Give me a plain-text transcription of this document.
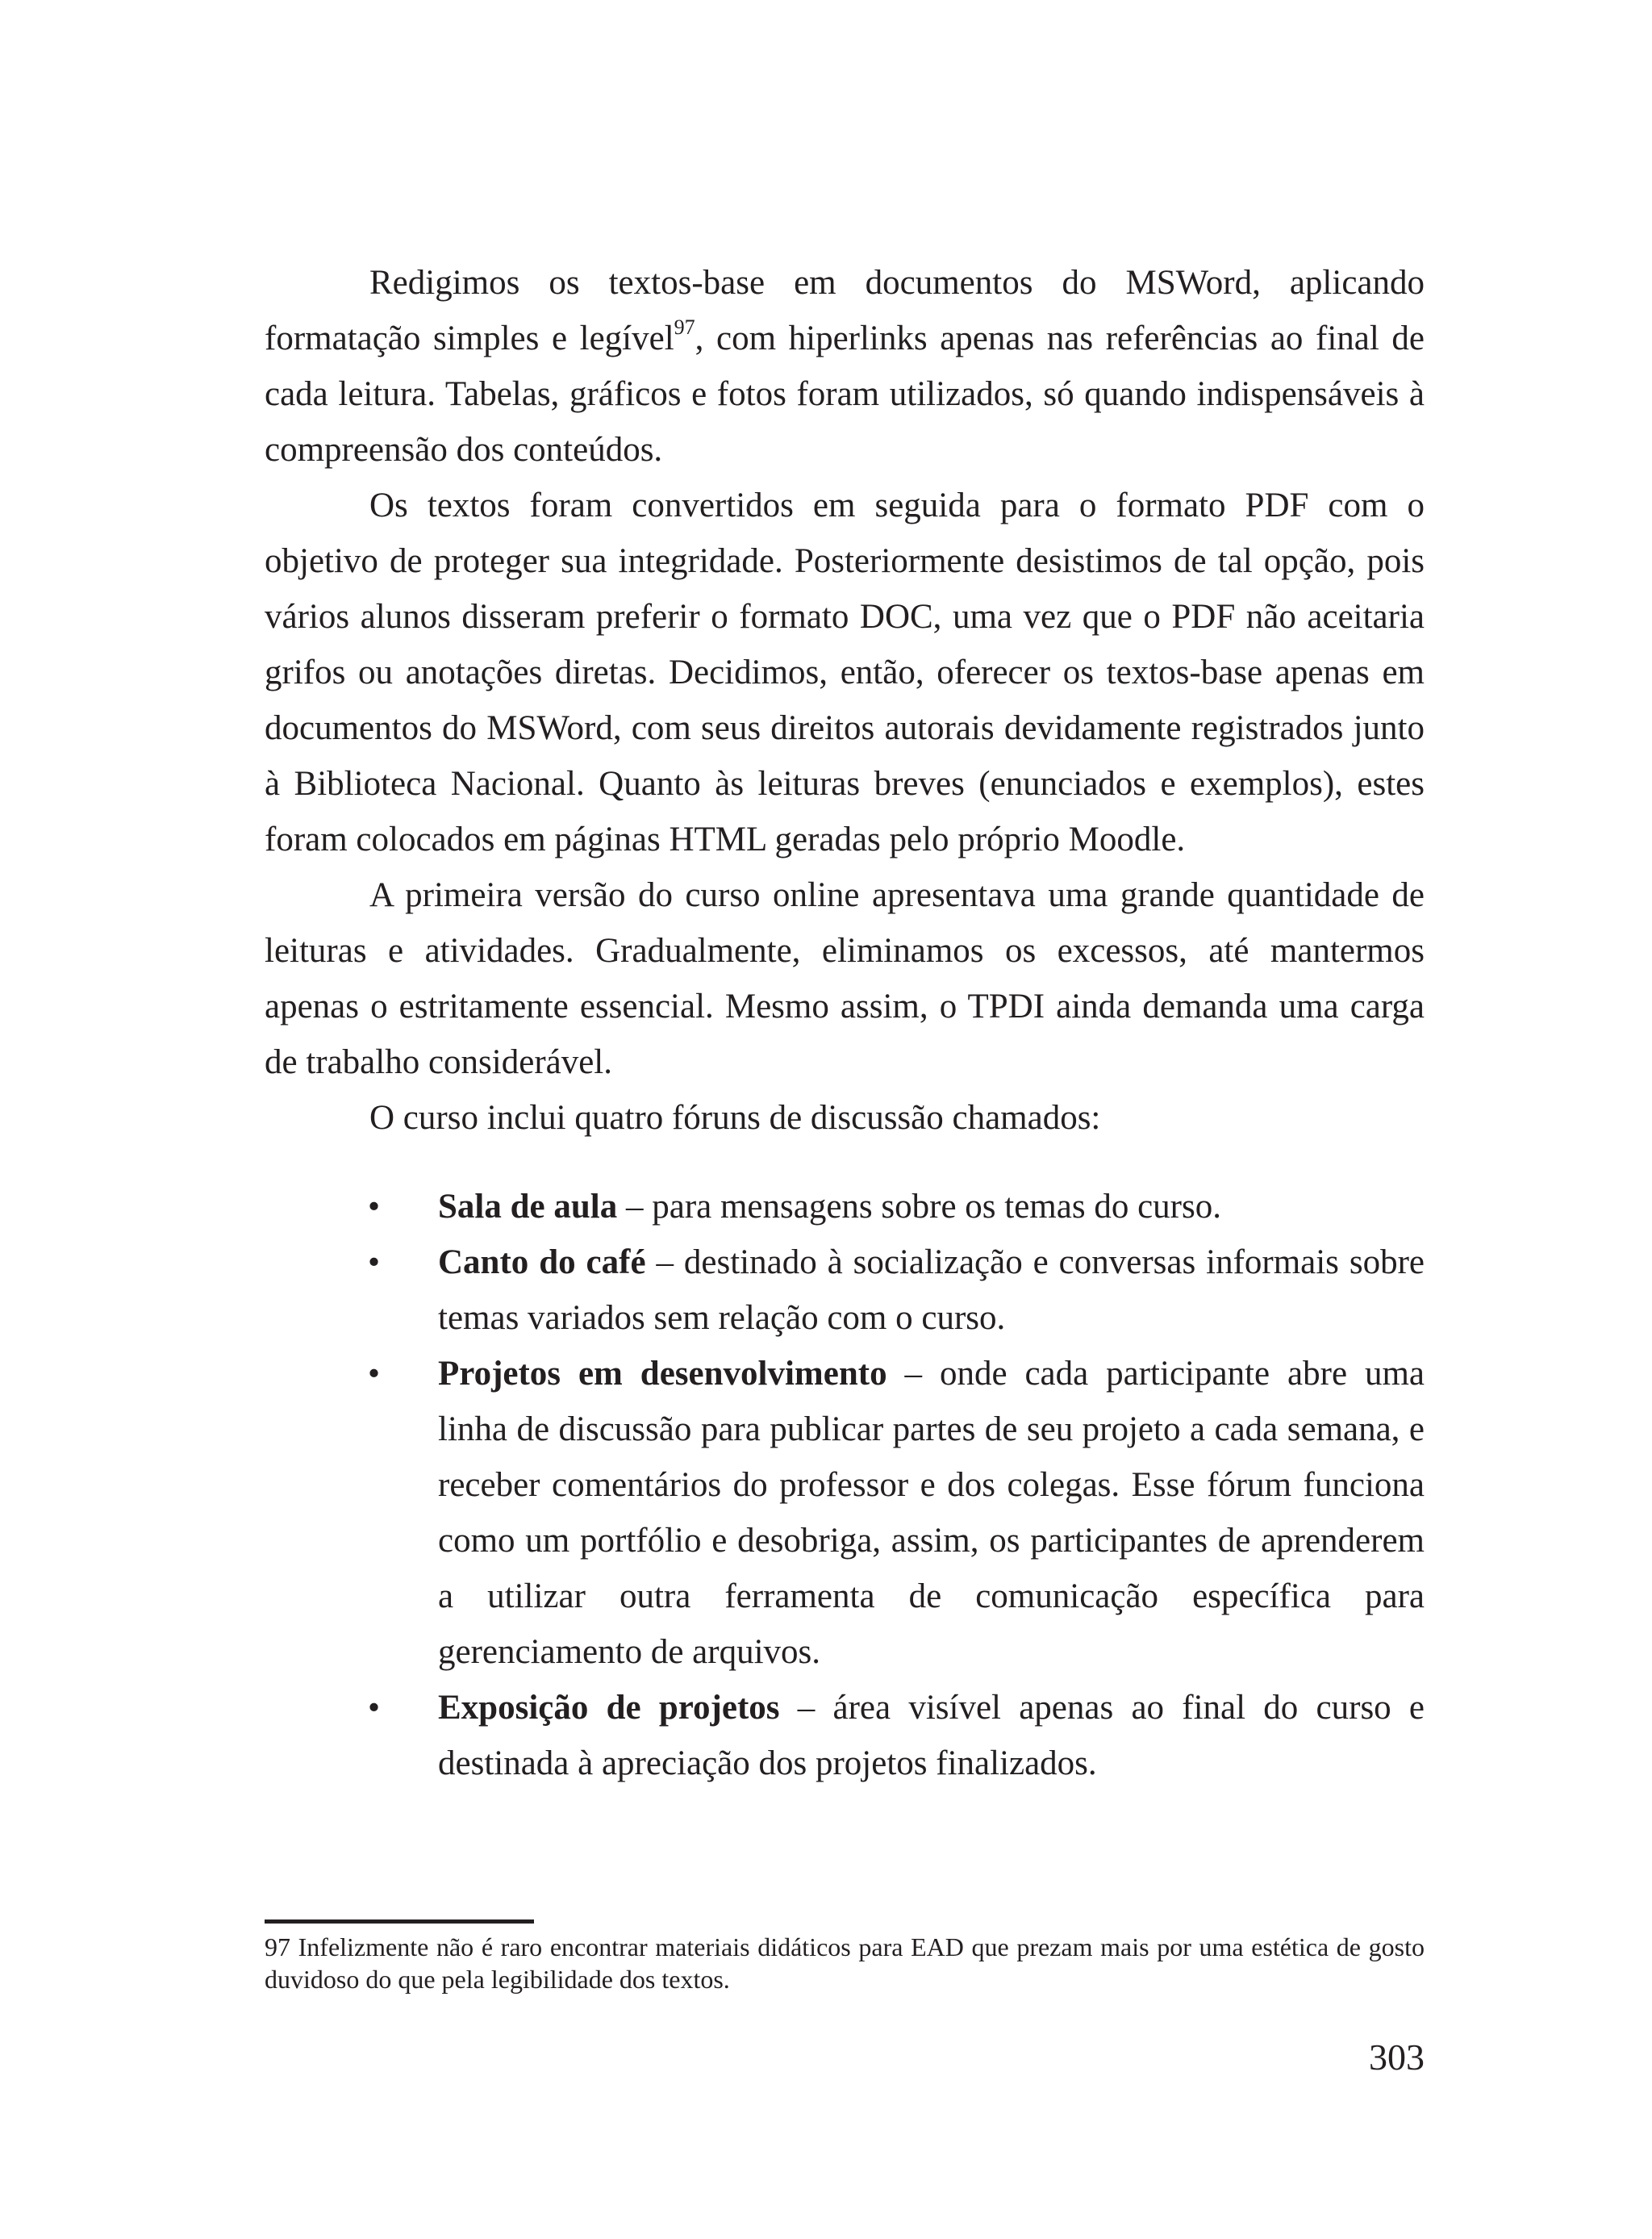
Redigimos os textos-base em documentos do MSWord, aplicando formatação simples e legível$^{97}$, com hiperlinks apenas nas referências ao final de cada leitura. Tabelas, gráficos e fotos foram utilizados, só quando indispensáveis à compreensão dos conteúdos.

Os textos foram convertidos em seguida para o formato PDF com o objetivo de proteger sua integridade. Posteriormente desistimos de tal opção, pois vários alunos disseram preferir o formato DOC, uma vez que o PDF não aceitaria grifos ou anotações diretas. Decidimos, então, oferecer os textos-base apenas em documentos do MSWord, com seus direitos autorais devidamente registrados junto à Biblioteca Nacional. Quanto às leituras breves (enunciados e exemplos), estes foram colocados em páginas HTML geradas pelo próprio Moodle.

A primeira versão do curso online apresentava uma grande quantidade de leituras e atividades. Gradualmente, eliminamos os excessos, até mantermos apenas o estritamente essencial. Mesmo assim, o TPDI ainda demanda uma carga de trabalho considerável.

O curso inclui quatro fóruns de discussão chamados:

• Sala de aula – para mensagens sobre os temas do curso.
• Canto do café – destinado à socialização e conversas informais sobre temas variados sem relação com o curso.
• Projetos em desenvolvimento – onde cada participante abre uma linha de discussão para publicar partes de seu projeto a cada semana, e receber comentários do professor e dos colegas. Esse fórum funciona como um portfólio e desobriga, assim, os participantes de aprenderem a utilizar outra ferramenta de comunicação específica para gerenciamento de arquivos.
• Exposição de projetos – área visível apenas ao final do curso e destinada à apreciação dos projetos finalizados.

97 Infelizmente não é raro encontrar materiais didáticos para EAD que prezam mais por uma estética de gosto duvidoso do que pela legibilidade dos textos.

303
